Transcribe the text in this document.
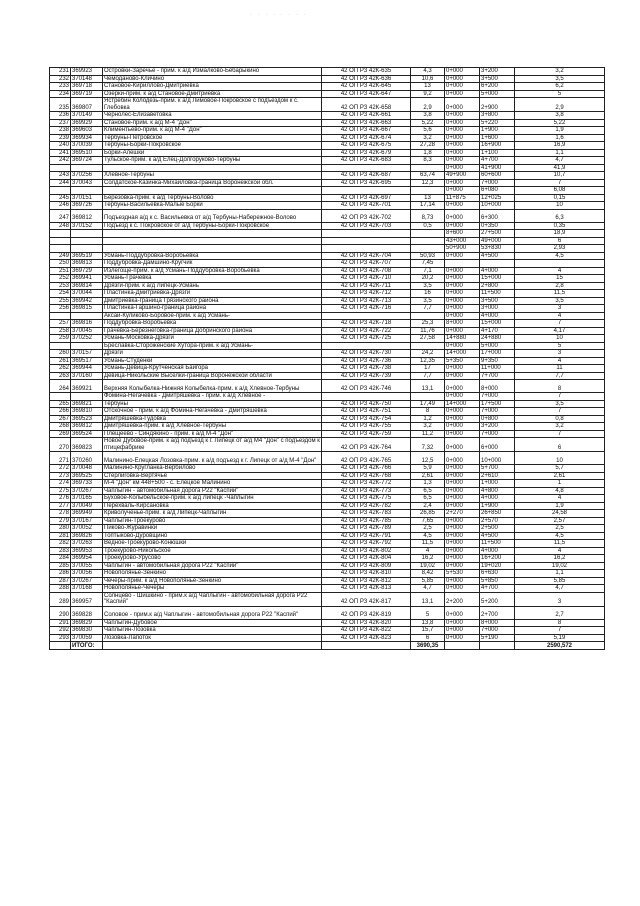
· · · · · · · ·
231	369923	Островки-Заречье - прим. к а/д Измалково-Бебарыкино	42 ОП РЗ 42К-635	4,3	0+000	3+200	3,2
232	370148	Чемоданово-Кличино	42 ОП РЗ 42К-636	10,6	0+000	3+500	3,5
233	369718	Становое-Кириллово-Дмитриевка	42 ОП РЗ 42К-645	13	0+000	6+200	6,2
234	369719	Озерки-прим. к а/д Становое-Дмитриевка	42 ОП РЗ 42К-647	9,2	0+000	5+000	5
235	369807	Ястребин Колодезь-прим. к а/д Лимовое-Покровское с подъездом к с. Глебовка	42 ОП РЗ 42К-658	2,9	0+000	2+900	2,9
236	370149	Чернолес-Елизаветовка	42 ОП РЗ 42К-661	3,8	0+000	3+800	3,8
237	369929	Становое-прим. к а/д М-4 "Дон"	42 ОП РЗ 42К-663	5,22	0+000	5+220	5,22
238	369603	Климентьево-прим. к а/д М-4 "Дон"	42 ОП РЗ 42К-667	5,6	0+000	1+900	1,9
239	369934	Тербуны-Петровское	42 ОП РЗ 42К-674	3,2	0+000	1+600	1,6
240	370039	Тербуны-Борки-Покровское	42 ОП РЗ 42К-675	27,28	0+000	16+900	16,9
241	369510	Борки-Алешки	42 ОП РЗ 42К-679	1,8	0+000	1+100	1,1
242	369724	Тульское-прим. к а/д Елец-Долгоруково-Тербуны	42 ОП РЗ 42К-683	8,3	0+000	4+700	4,7
					0+000	41+900	41,9
243	370256	Хлевное-Тербуны	42 ОП РЗ 42К-687	63,74	49+900	60+600	10,7
244	370043	Солдатское-Казинка-Михайловка-граница Воронежской обл.	42 ОП РЗ 42К-695	12,3	0+000	7+000	7
					0+000	6+080	6,08
245	370151	Березовка-прим. к а/д Тербуны-Волово	42 ОП РЗ 42К-697	13	11+875	12+025	0,15
246	369726	Тербуны-Васильевка-Малые Борки	42 ОП РЗ 42К-701	17,14	0+000	10+000	10
247	369812	Подъездная а/д к с. Васильевка от а/д Тербуны-Набережное-Волово	42 ОП РЗ 42К-702	8,73	0+000	6+300	6,3
248	370152	Подъезд к с. Покровское от а/д Тербуны-Борки-Покровское	42 ОП РЗ 42К-703	0,5	0+000	0+350	0,35
					8+600	27+500	18,9
					43+000	49+000	6
					50+900	53+830	2,93
249	369519	Усмань-Поддубровка-Воробьевка	42 ОП РЗ 42К-704	50,93	0+000	4+500	4,5
250	369813	Поддубровка-Дамшино-Кругчик	42 ОП РЗ 42К-707	7,45			
251	369729	Излегоще-прим. к а/д Усмань-Поддубровка-Воробьевка	42 ОП РЗ 42К-708	7,1	0+000	4+000	4
252	369941	Усмань-Грачевка	42 ОП РЗ 42К-710	20,2	0+000	15+000	15
253	369814	Дрязги-прим. к а/д Липецк-Усмань	42 ОП РЗ 42К-711	3,5	0+000	2+800	2,8
254	370044	Пластинка-Дмитриевка-Дрязги	42 ОП РЗ 42К-712	16	0+000	11+500	11,5
255	369942	Дмитриевка-граница Грязинского района	42 ОП РЗ 42К-713	3,5	0+000	3+500	3,5
256	369815	Пластинка-Гаршино-граница района	42 ОП РЗ 42К-716	7,7	0+000	3+000	3
		Аксай-Куликово-Боровое-прим. к а/д Усмань-			0+000	4+000	4
257	369816	Поддубровка-Воробьевка	42 ОП РЗ 42К-718	25,3	8+000	15+000	7
258	370045	Грачевка-Березнеговка-граница Добринского района	42 ОП РЗ 42К-722	11,76	0+000	4+170	4,17
259	370252	Усмань-Московка-Дрязги	42 ОП РЗ 42К-725	27,58	14+880	24+880	10
		Бреславка-Стороженские Хутора-прим. к а/д Усмань-			0+000	5+000	5
260	370157	Дрязги	42 ОП РЗ 42К-730	24,2	14+000	17+000	3
261	369517	Усмань-Студенки	42 ОП РЗ 42К-736	12,35	5+350	9+350	4
262	369944	Усмань-Девица-Крутченская Байгора	42 ОП РЗ 42К-738	17	0+000	11+000	11
263	370160	Девица-Никольские Выселки-граница Воронежской области	42 ОП РЗ 42К-739	7,7	0+000	7+700	7,7
264	369921	Верхняя Колыбелка-Нижняя Колыбелка-прим. к а/д Хлевное-Тербуны	42 ОП РЗ 42К-746	13,1	0+000	8+000	8
		Фомина-Негачевка - Дмитряшевка - прим. к а/д Хлевное -			0+000	7+000	7
265	369821	Тербуны	42 ОП РЗ 42К-750	17,49	14+000	17+500	3,5
266	369810	Отскочное - прим. к а/д Фомина-Негачевка - Дмитряшевка	42 ОП РЗ 42К-751	8	0+000	7+000	7
267	369523	Дмитряшевка-Гудовка	42 ОП РЗ 42К-754	1,2	0+000	0+800	0,8
268	369812	Дмитряшевка-прим. к а/д Хлевное-Тербуны	42 ОП РЗ 42К-755	3,2	0+000	3+200	3,2
269	369524	Плещеево - Синдякино - прим. к а/д М-4 "Дон"	42 ОП РЗ 42К-759	11,2	0+000	7+000	7
270	369823	Новое Дубовое-прим. к а/д подъезд к г. Липецк от а/д М4 "Дон" с подъездом к птицефабрике	42 ОП РЗ 42К-764	7,32	0+000	6+000	6
271	370260	Малинино-Елецкая Лозовка-прим. к а/д подъезд к г. Липецк от а/д М-4 "Дон"	42 ОП РЗ 42К-765	12,5	0+000	10+000	10
272	370048	Малинино-Кругланка-Вербилово	42 ОП РЗ 42К-766	5,9	0+000	5+700	5,7
273	369525	Стерлиговка-Вертячье	42 ОП РЗ 42К-768	2,61	0+000	2+610	2,61
274	369733	М-4 "Дон" км 448+500 - с. Елецкое Малинино	42 ОП РЗ 42К-772	1,3	0+000	1+000	1
275	370267	Чаплыгин - автомобильная дорога Р22 "Каспий"	42 ОП РЗ 42К-773	6,5	0+000	4+800	4,8
276	370165	Буховое-Колыбельское-прим. к а/д Липецк -Чаплыгин	42 ОП РЗ 42К-775	6,5	0+000	4+000	4
277	370049	Перехваль-Кирсановка	42 ОП РЗ 42К-782	2,4	0+000	1+900	1,9
278	369949	Криволученье-прим. к а/д Липецк-Чаплыгин	42 ОП РЗ 42К-783	26,85	2+270	26+850	24,58
279	370167	Чаплыгин-Троекурово	42 ОП РЗ 42К-785	7,65	0+000	2+570	2,57
280	370052	Пиково-Журавинки	42 ОП РЗ 42К-789	2,5	0+000	2+500	2,5
281	369826	Топтыково-Дуровщино	42 ОП РЗ 42К-791	4,5	0+000	4+500	4,5
282	370263	Ведное-Троекурово-Конюшки	42 ОП РЗ 42К-792	11,5	0+000	11+500	11,5
283	369953	Троекурово-Никольское	42 ОП РЗ 42К-802	4	0+000	4+000	4
284	369954	Троекурово-Урусово	42 ОП РЗ 42К-804	16,2	0+000	16+200	16,2
285	370055	Чаплыгин - автомобильная дорога Р22 "Каспий"	42 ОП РЗ 42К-809	19,02	0+000	19+020	19,02
286	370056	Новополянье-Зенкино	42 ОП РЗ 42К-810	8,42	5+530	6+630	1,1
287	370267	Чечеры-прим. к а/д Новополянье-Зенкино	42 ОП РЗ 42К-812	5,85	0+000	5+850	5,85
288	370168	Новополянье-Чечеры	42 ОП РЗ 42К-813	4,7	0+000	4+700	4,7
289	369957	Солнцево - Шишкино - прим.к а/д Чаплыгин - автомобильная дорога Р22 "Каспий"	42 ОП РЗ 42К-817	13,1	2+200	5+200	3
290	369828	Соловое - прим.к а/д Чаплыгин - автомобильная дорога Р22 "Каспий"	42 ОП РЗ 42К-819	5	0+000	2+700	2,7
291	369829	Чаплыгин-Дубовое	42 ОП РЗ 42К-820	13,8	0+000	8+000	8
292	369830	Чаплыгин-Лозовка	42 ОП РЗ 42К-822	15,7	0+000	7+000	7
293	370059	Лозовка-Лапоток	42 ОП РЗ 42К-823	6	0+000	5+190	5,19
	ИТОГО:			3690,35			2590,572
